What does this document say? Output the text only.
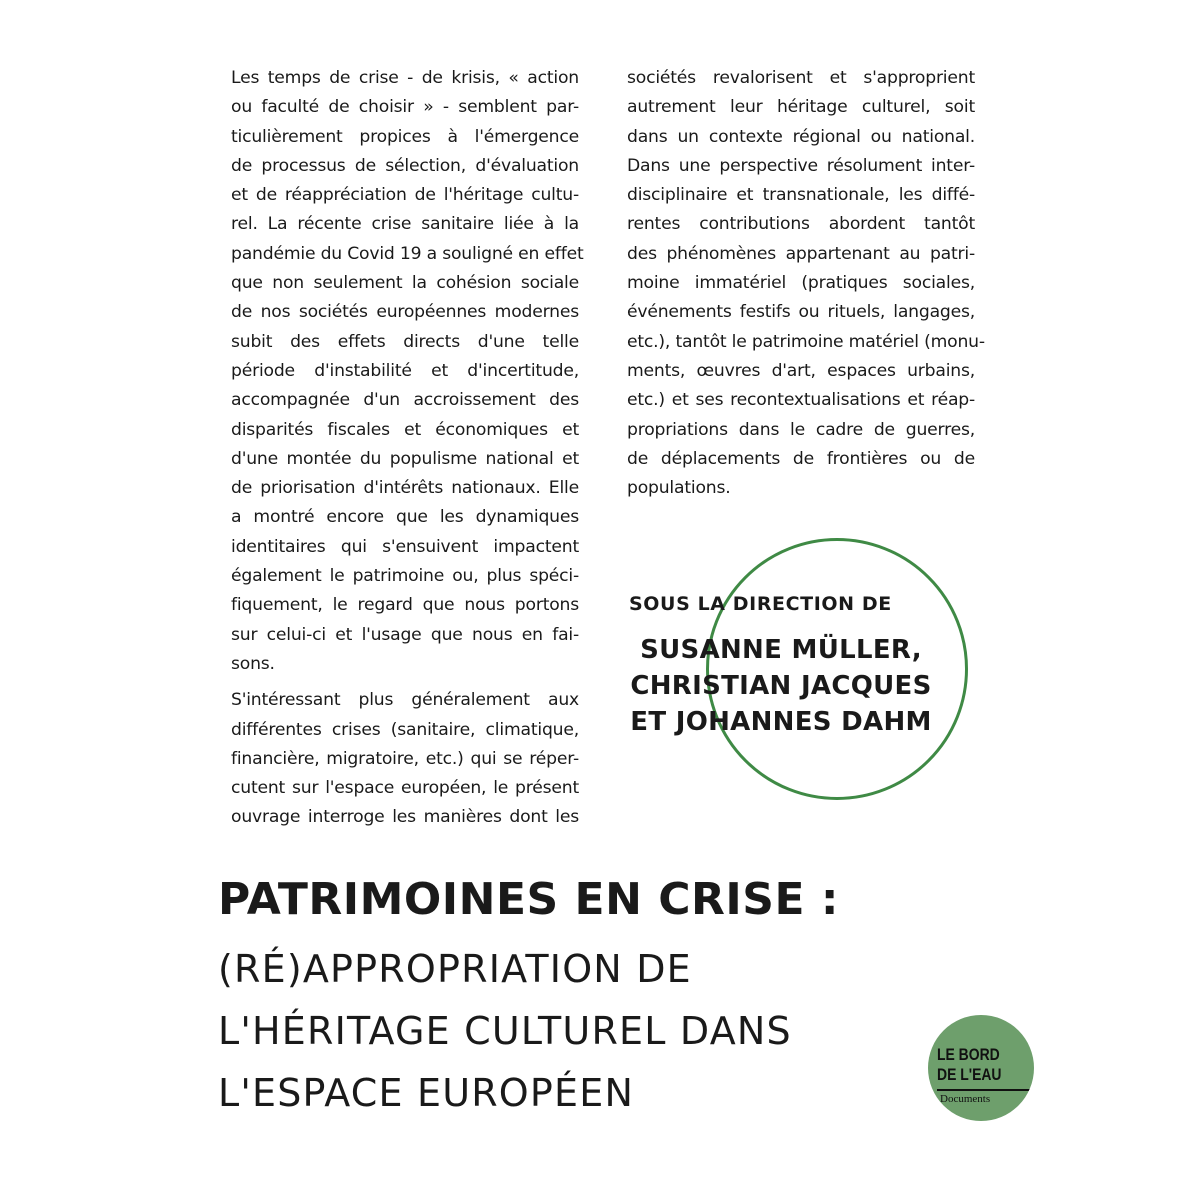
Les temps de crise - de krisis, « action
ou faculté de choisir » - semblent par-
ticulièrement propices à l'émergence
de processus de sélection, d'évaluation
et de réappréciation de l'héritage cultu-
rel. La récente crise sanitaire liée à la
pandémie du Covid 19 a souligné en effet
que non seulement la cohésion sociale
de nos sociétés européennes modernes
subit des effets directs d'une telle
période d'instabilité et d'incertitude,
accompagnée d'un accroissement des
disparités fiscales et économiques et
d'une montée du populisme national et
de priorisation d'intérêts nationaux. Elle
a montré encore que les dynamiques
identitaires qui s'ensuivent impactent
également le patrimoine ou, plus spéci-
fiquement, le regard que nous portons
sur celui-ci et l'usage que nous en fai-
sons.
S'intéressant plus généralement aux
différentes crises (sanitaire, climatique,
financière, migratoire, etc.) qui se réper-
cutent sur l'espace européen, le présent
ouvrage interroge les manières dont les
sociétés revalorisent et s'approprient
autrement leur héritage culturel, soit
dans un contexte régional ou national.
Dans une perspective résolument inter-
disciplinaire et transnationale, les diffé-
rentes contributions abordent tantôt
des phénomènes appartenant au patri-
moine immatériel (pratiques sociales,
événements festifs ou rituels, langages,
etc.), tantôt le patrimoine matériel (monu-
ments, œuvres d'art, espaces urbains,
etc.) et ses recontextualisations et réap-
propriations dans le cadre de guerres,
de déplacements de frontières ou de
populations.
SOUS LA DIRECTION DE
SUSANNE MÜLLER,
CHRISTIAN JACQUES
ET JOHANNES DAHM
PATRIMOINES EN CRISE :
(RÉ)APPROPRIATION DE
L'HÉRITAGE CULTUREL DANS
L'ESPACE EUROPÉEN
LE BORD
DE L'EAU
Documents
